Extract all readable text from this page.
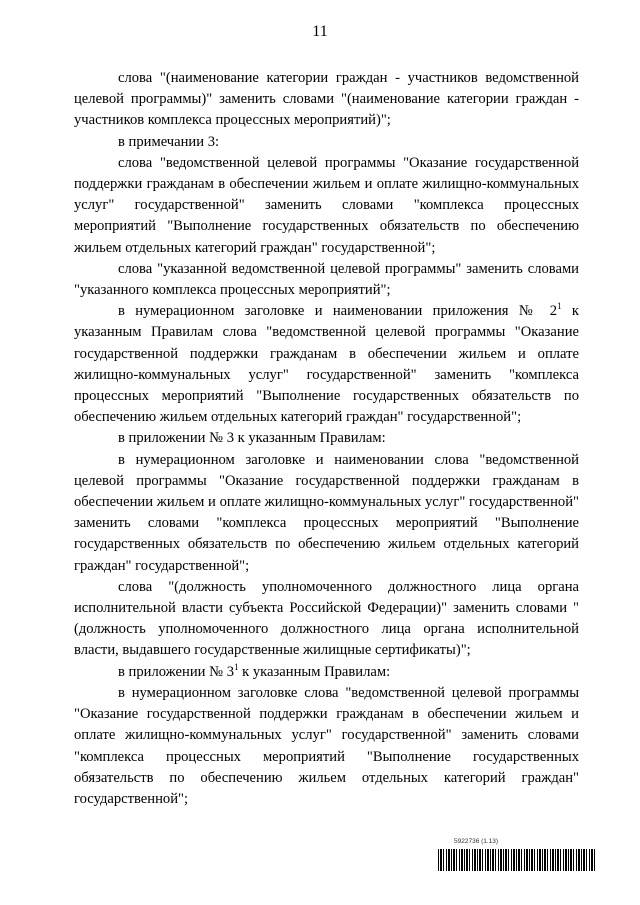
11

слова "(наименование категории граждан - участников ведомственной целевой программы)" заменить словами "(наименование категории граждан - участников комплекса процессных мероприятий)";

в примечании 3:

слова "ведомственной целевой программы "Оказание государственной поддержки гражданам в обеспечении жильем и оплате жилищно-коммунальных услуг" государственной" заменить словами "комплекса процессных мероприятий "Выполнение государственных обязательств по обеспечению жильем отдельных категорий граждан" государственной";

слова "указанной ведомственной целевой программы" заменить словами "указанного комплекса процессных мероприятий";

в нумерационном заголовке и наименовании приложения № $2^1$ к указанным Правилам слова "ведомственной целевой программы "Оказание государственной поддержки гражданам в обеспечении жильем и оплате жилищно-коммунальных услуг" государственной" заменить "комплекса процессных мероприятий "Выполнение государственных обязательств по обеспечению жильем отдельных категорий граждан" государственной";

в приложении № 3 к указанным Правилам:

в нумерационном заголовке и наименовании слова "ведомственной целевой программы "Оказание государственной поддержки гражданам в обеспечении жильем и оплате жилищно-коммунальных услуг" государственной" заменить словами "комплекса процессных мероприятий "Выполнение государственных обязательств по обеспечению жильем отдельных категорий граждан" государственной";

слова "(должность уполномоченного должностного лица органа исполнительной власти субъекта Российской Федерации)" заменить словами "(должность уполномоченного должностного лица органа исполнительной власти, выдавшего государственные жилищные сертификаты)";

в приложении № $3^1$ к указанным Правилам:

в нумерационном заголовке слова "ведомственной целевой программы "Оказание государственной поддержки гражданам в обеспечении жильем и оплате жилищно-коммунальных услуг" государственной" заменить словами "комплекса процессных мероприятий "Выполнение государственных обязательств по обеспечению жильем отдельных категорий граждан" государственной";

5922736 (1.13)
